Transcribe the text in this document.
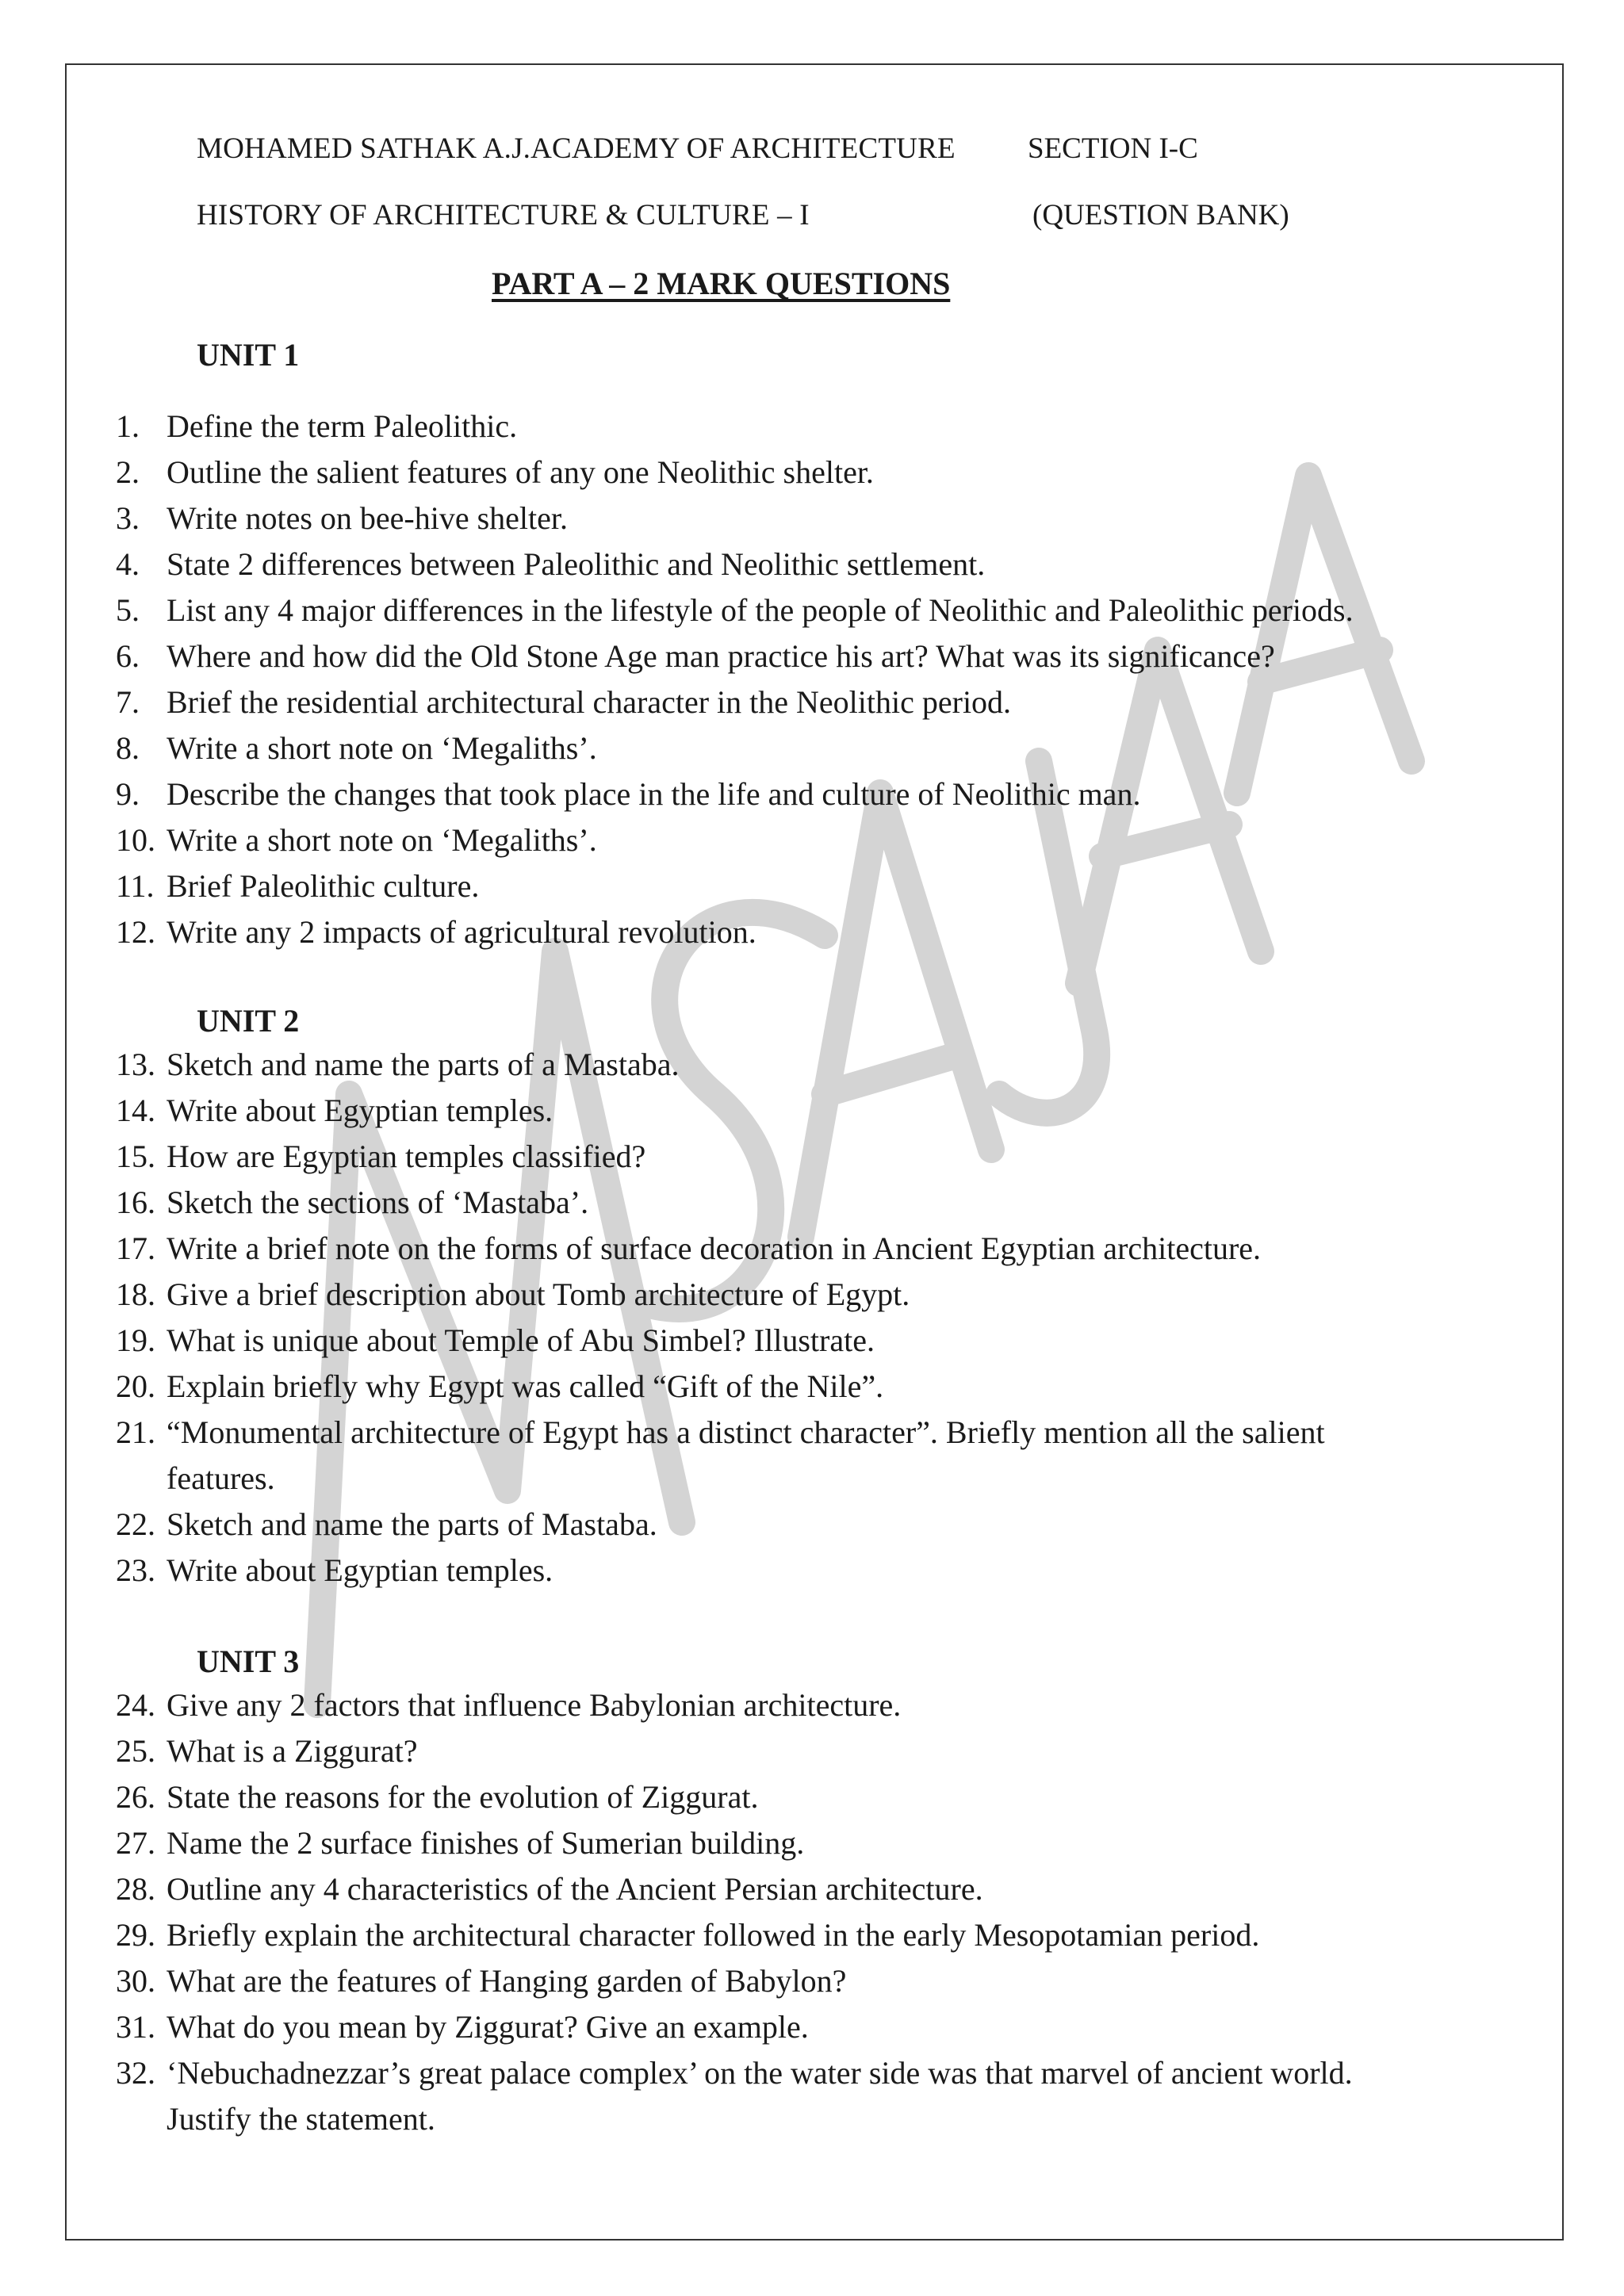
MOHAMED SATHAK A.J.ACADEMY OF ARCHITECTURE SECTION I-C
HISTORY OF ARCHITECTURE & CULTURE – I	(QUESTION BANK)
PART A – 2 MARK QUESTIONS
UNIT 1
1. Define the term Paleolithic.
2. Outline the salient features of any one Neolithic shelter.
3. Write notes on bee-hive shelter.
4. State 2 differences between Paleolithic and Neolithic settlement.
5. List any 4 major differences in the lifestyle of the people of Neolithic and Paleolithic periods.
6. Where and how did the Old Stone Age man practice his art? What was its significance?
7. Brief the residential architectural character in the Neolithic period.
8. Write a short note on ‘Megaliths’.
9. Describe the changes that took place in the life and culture of Neolithic man.
10. Write a short note on ‘Megaliths’.
11. Brief Paleolithic culture.
12. Write any 2 impacts of agricultural revolution.
UNIT 2
13. Sketch and name the parts of a Mastaba.
14. Write about Egyptian temples.
15. How are Egyptian temples classified?
16. Sketch the sections of ‘Mastaba’.
17. Write a brief note on the forms of surface decoration in Ancient Egyptian architecture.
18. Give a brief description about Tomb architecture of Egypt.
19. What is unique about Temple of Abu Simbel? Illustrate.
20. Explain briefly why Egypt was called “Gift of the Nile”.
21. “Monumental architecture of Egypt has a distinct character”. Briefly mention all the salient
features.
22. Sketch and name the parts of Mastaba.
23. Write about Egyptian temples.
UNIT 3
24. Give any 2 factors that influence Babylonian architecture.
25. What is a Ziggurat?
26. State the reasons for the evolution of Ziggurat.
27. Name the 2 surface finishes of Sumerian building.
28. Outline any 4 characteristics of the Ancient Persian architecture.
29. Briefly explain the architectural character followed in the early Mesopotamian period.
30. What are the features of Hanging garden of Babylon?
31. What do you mean by Ziggurat? Give an example.
32. ‘Nebuchadnezzar’s great palace complex’ on the water side was that marvel of ancient world.
Justify the statement.
